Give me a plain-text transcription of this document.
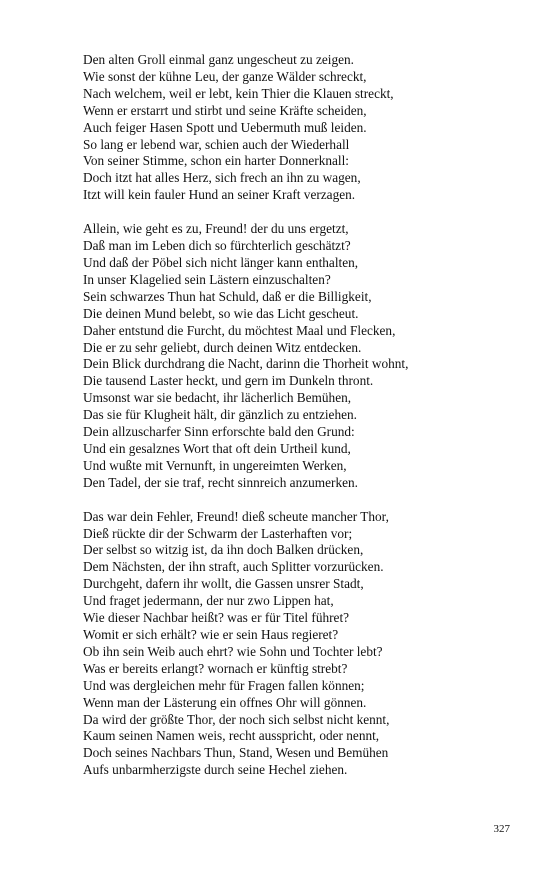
Den alten Groll einmal ganz ungescheut zu zeigen.
Wie sonst der kühne Leu, der ganze Wälder schreckt,
Nach welchem, weil er lebt, kein Thier die Klauen streckt,
Wenn er erstarrt und stirbt und seine Kräfte scheiden,
Auch feiger Hasen Spott und Uebermuth muß leiden.
So lang er lebend war, schien auch der Wiederhall
Von seiner Stimme, schon ein harter Donnerknall:
Doch itzt hat alles Herz, sich frech an ihn zu wagen,
Itzt will kein fauler Hund an seiner Kraft verzagen.
Allein, wie geht es zu, Freund! der du uns ergetzt,
Daß man im Leben dich so fürchterlich geschätzt?
Und daß der Pöbel sich nicht länger kann enthalten,
In unser Klagelied sein Lästern einzuschalten?
Sein schwarzes Thun hat Schuld, daß er die Billigkeit,
Die deinen Mund belebt, so wie das Licht gescheut.
Daher entstund die Furcht, du möchtest Maal und Flecken,
Die er zu sehr geliebt, durch deinen Witz entdecken.
Dein Blick durchdrang die Nacht, darinn die Thorheit wohnt,
Die tausend Laster heckt, und gern im Dunkeln thront.
Umsonst war sie bedacht, ihr lächerlich Bemühen,
Das sie für Klugheit hält, dir gänzlich zu entziehen.
Dein allzuscharfer Sinn erforschte bald den Grund:
Und ein gesalznes Wort that oft dein Urtheil kund,
Und wußte mit Vernunft, in ungereimten Werken,
Den Tadel, der sie traf, recht sinnreich anzumerken.
Das war dein Fehler, Freund! dieß scheute mancher Thor,
Dieß rückte dir der Schwarm der Lasterhaften vor;
Der selbst so witzig ist, da ihn doch Balken drücken,
Dem Nächsten, der ihn straft, auch Splitter vorzurücken.
Durchgeht, dafern ihr wollt, die Gassen unsrer Stadt,
Und fraget jedermann, der nur zwo Lippen hat,
Wie dieser Nachbar heißt? was er für Titel führet?
Womit er sich erhält? wie er sein Haus regieret?
Ob ihn sein Weib auch ehrt? wie Sohn und Tochter lebt?
Was er bereits erlangt? wornach er künftig strebt?
Und was dergleichen mehr für Fragen fallen können;
Wenn man der Lästerung ein offnes Ohr will gönnen.
Da wird der größte Thor, der noch sich selbst nicht kennt,
Kaum seinen Namen weis, recht ausspricht, oder nennt,
Doch seines Nachbars Thun, Stand, Wesen und Bemühen
Aufs unbarmherzigste durch seine Hechel ziehen.
327
